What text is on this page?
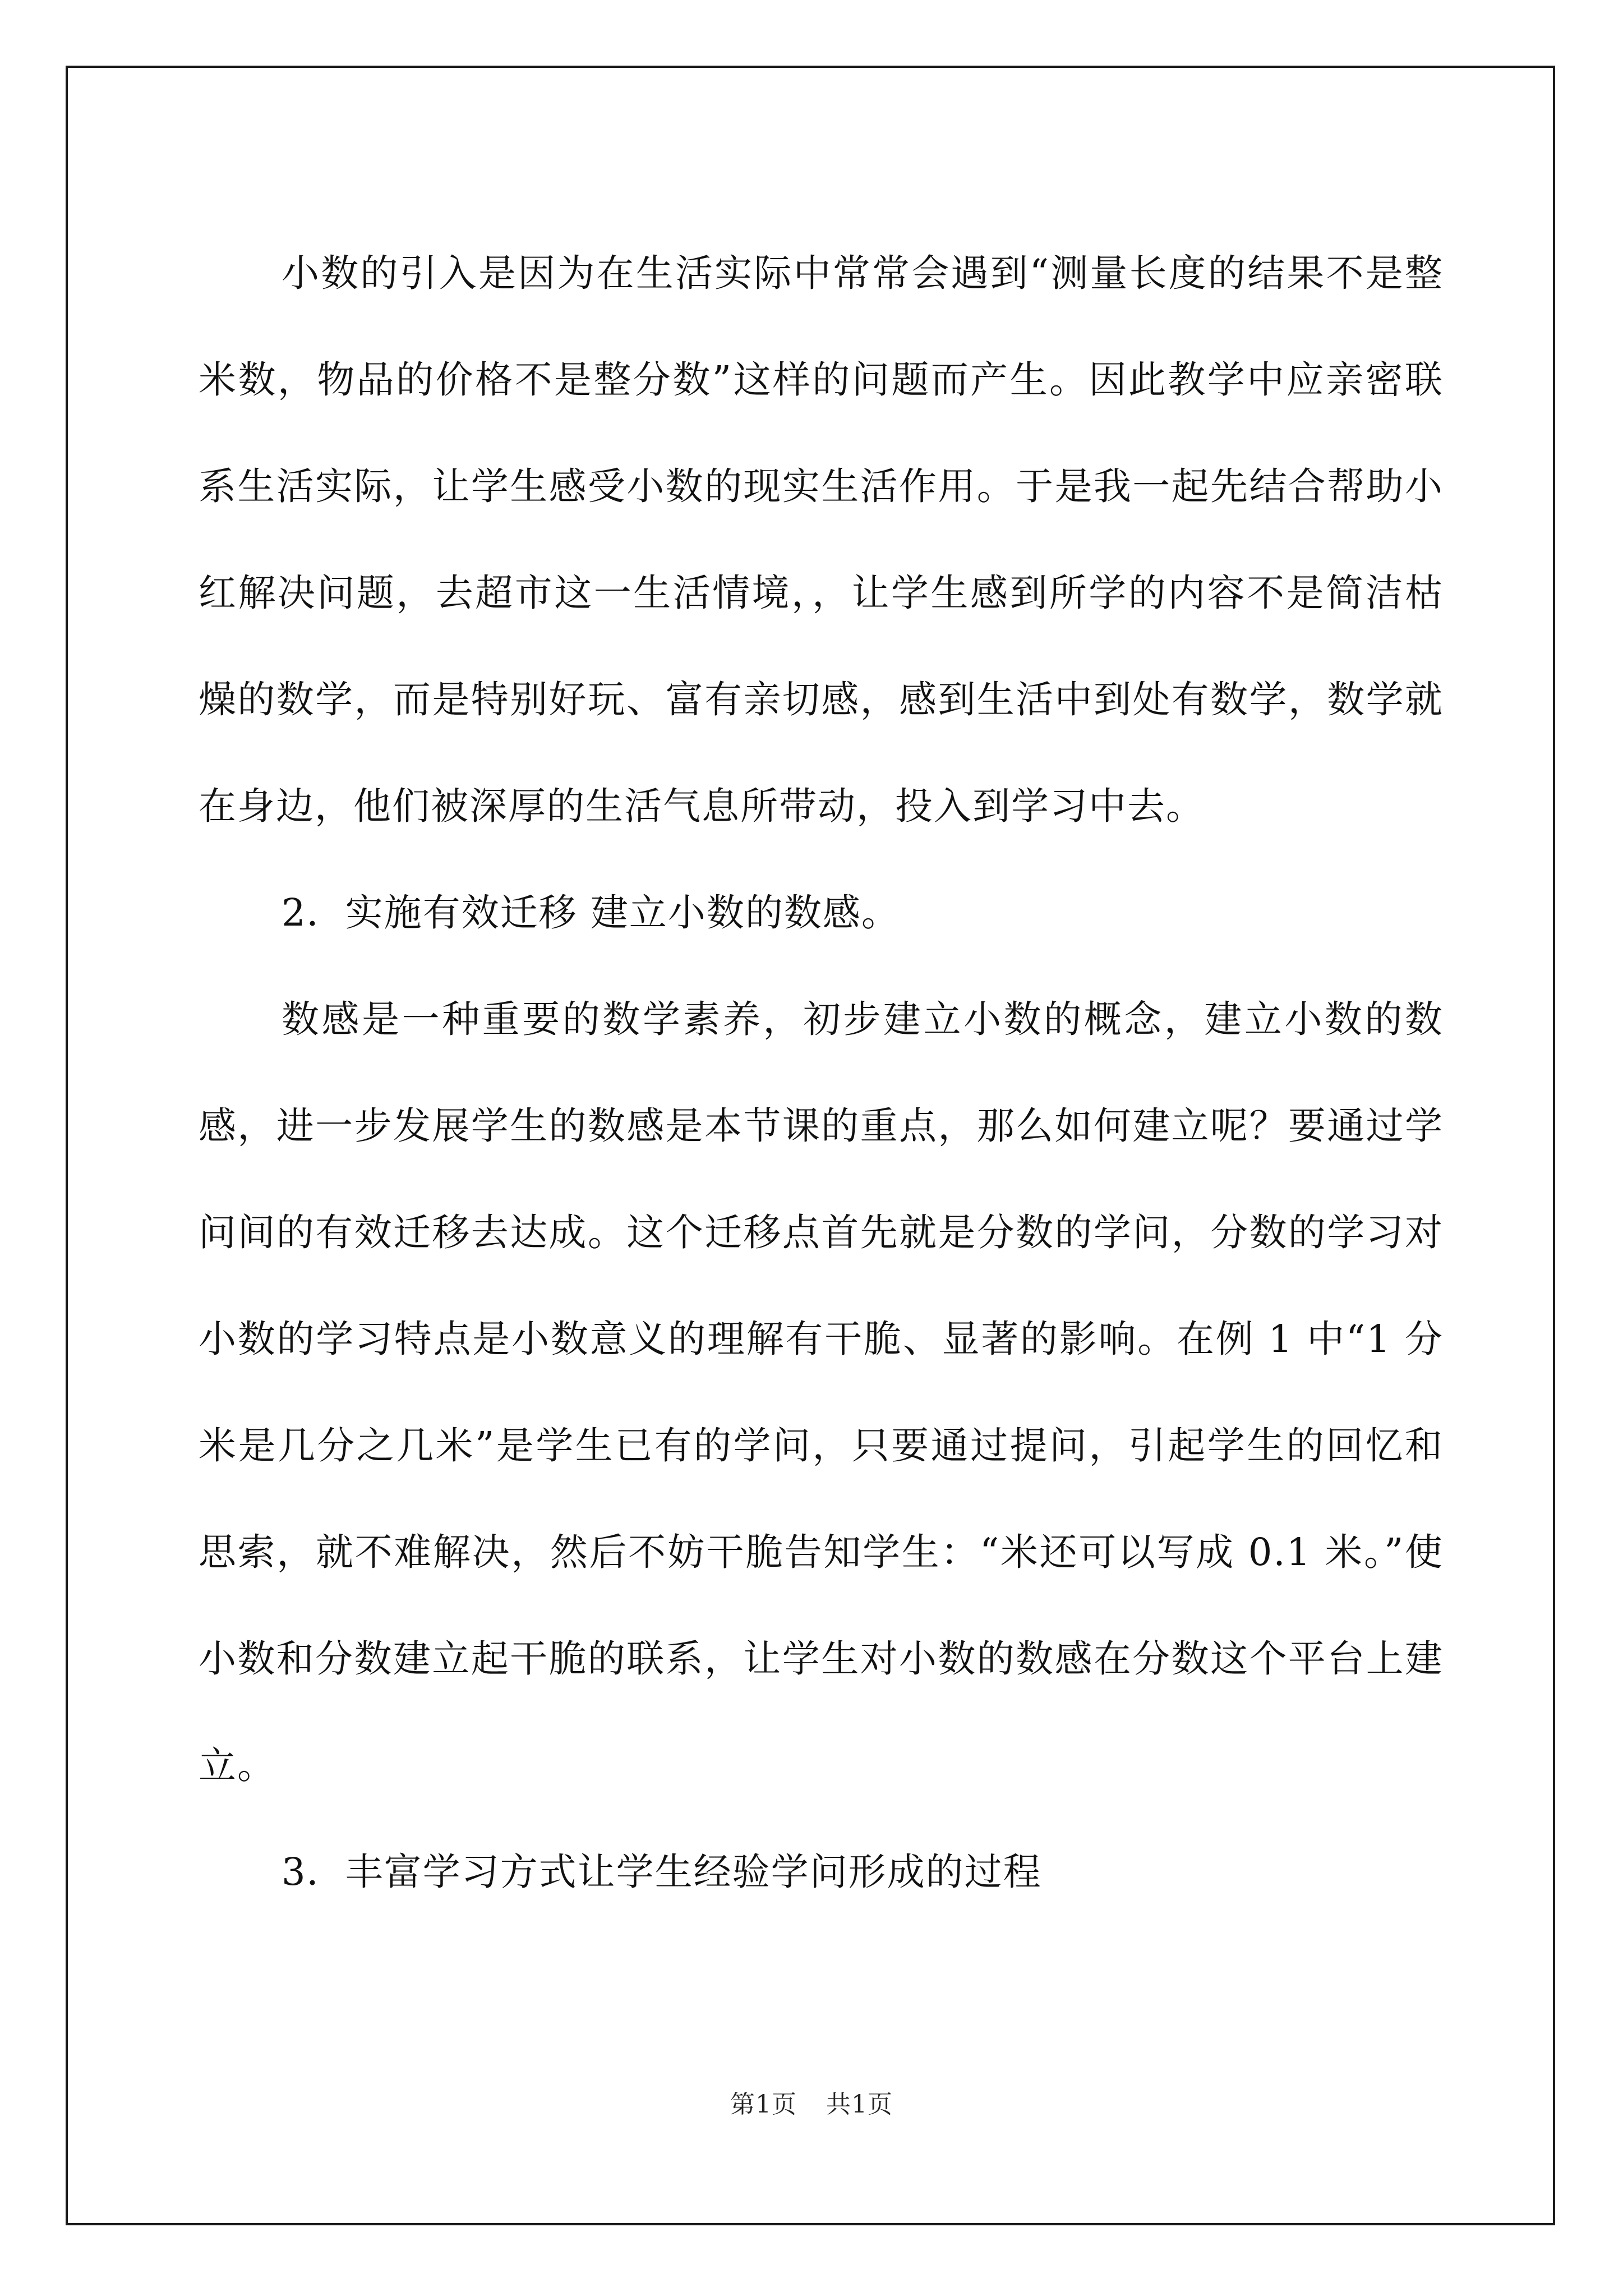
小数的引入是因为在生活实际中常常会遇到“测量长度的结果不是整米数，物品的价格不是整分数”这样的问题而产生。因此教学中应亲密联系生活实际，让学生感受小数的现实生活作用。于是我一起先结合帮助小红解决问题，去超市这一生活情境，，让学生感到所学的内容不是简洁枯燥的数学，而是特别好玩、富有亲切感，感到生活中到处有数学，数学就在身边，他们被深厚的生活气息所带动，投入到学习中去。

2．实施有效迁移 建立小数的数感。

数感是一种重要的数学素养，初步建立小数的概念，建立小数的数感，进一步发展学生的数感是本节课的重点，那么如何建立呢？要通过学问间的有效迁移去达成。这个迁移点首先就是分数的学问，分数的学习对小数的学习特点是小数意义的理解有干脆、显著的影响。在例 1 中“1 分米是几分之几米”是学生已有的学问，只要通过提问，引起学生的回忆和思索，就不难解决，然后不妨干脆告知学生：“米还可以写成 0.1 米。”使小数和分数建立起干脆的联系，让学生对小数的数感在分数这个平台上建立。

3．丰富学习方式让学生经验学问形成的过程

第1页 共1页
